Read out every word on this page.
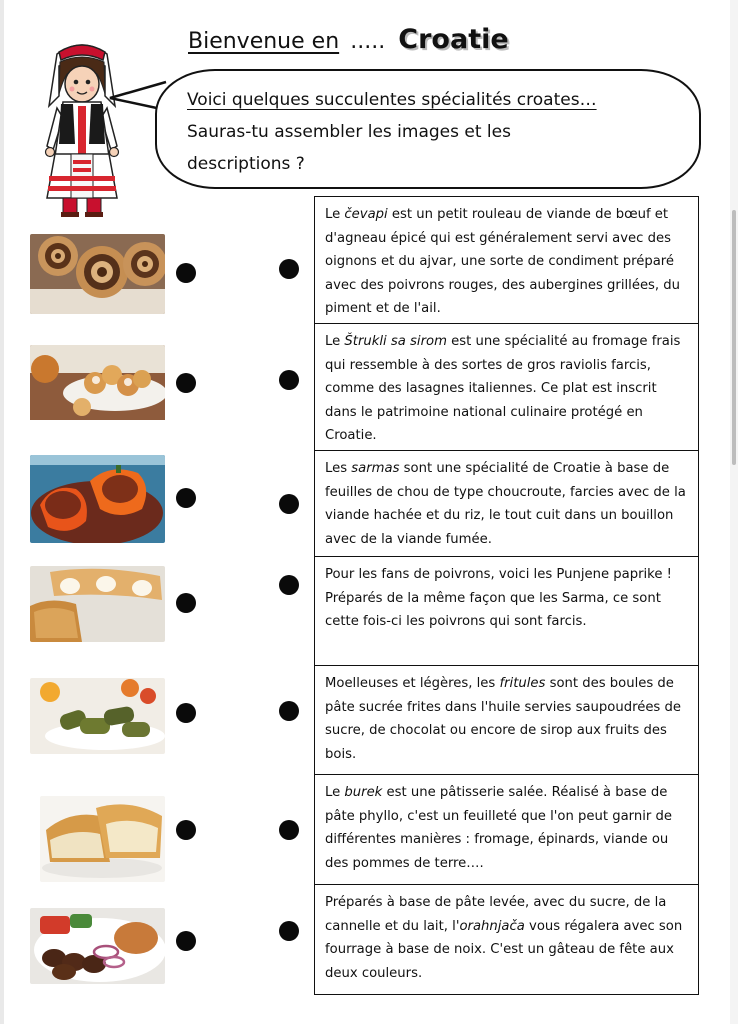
Bienvenue en ..... Croatie
Voici quelques succulentes spécialités croates…
Sauras-tu assembler les images et les
descriptions ?
Le čevapi est un petit rouleau de viande de bœuf et d'agneau épicé qui est généralement servi avec des oignons et du ajvar, une sorte de condiment préparé avec des poivrons rouges, des aubergines grillées, du piment et de l'ail.
Le Štrukli sa sirom est une spécialité au fromage frais qui ressemble à des sortes de gros raviolis farcis, comme des lasagnes italiennes. Ce plat est inscrit dans le patrimoine national culinaire protégé en Croatie.
Les sarmas sont une spécialité de Croatie à base de feuilles de chou de type choucroute, farcies avec de la viande hachée et du riz, le tout cuit dans un bouillon avec de la viande fumée.
Pour les fans de poivrons, voici les Punjene paprike ! Préparés de la même façon que les Sarma, ce sont cette fois-ci les poivrons qui sont farcis.
Moelleuses et légères, les fritules sont des boules de pâte sucrée frites dans l'huile servies saupoudrées de sucre, de chocolat ou encore de sirop aux fruits des bois.
Le burek est une pâtisserie salée. Réalisé à base de pâte phyllo, c'est un feuilleté que l'on peut garnir de différentes manières : fromage, épinards, viande ou des pommes de terre….
Préparés à base de pâte levée, avec du sucre, de la cannelle et du lait, l'orahnjača vous régalera avec son fourrage à base de noix. C'est un gâteau de fête aux deux couleurs.
